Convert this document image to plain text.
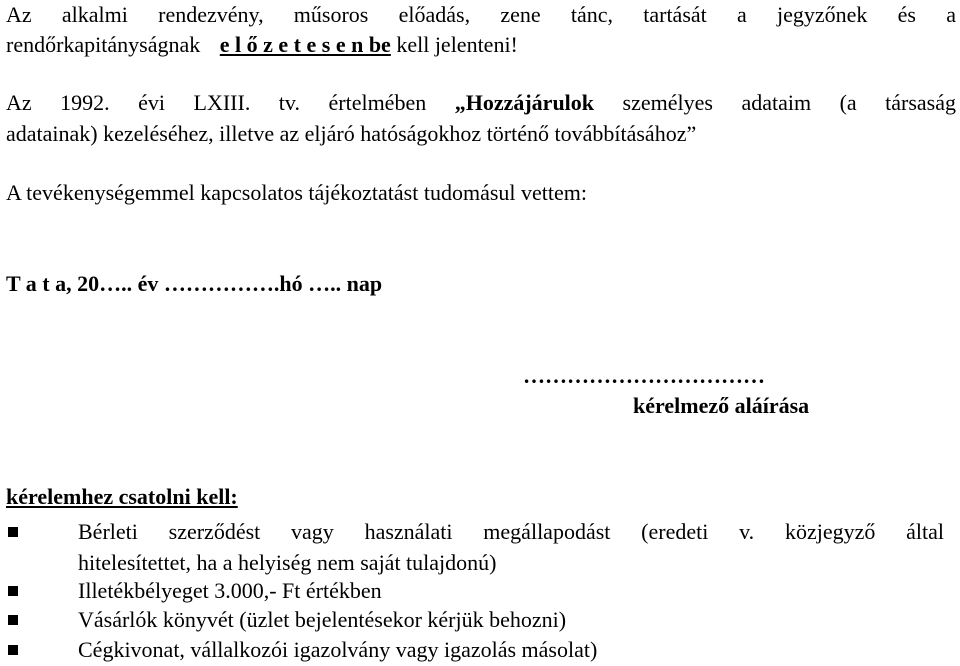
Az alkalmi rendezvény, műsoros előadás, zene tánc, tartását a jegyzőnek és a
rendőrkapitányságnak e l ő z e t e s e n be kell jelenteni!
Az 1992. évi LXIII. tv. értelmében „Hozzájárulok személyes adataim (a társaság
adatainak) kezeléséhez, illetve az eljáró hatóságokhoz történő továbbításához”
A tevékenységemmel kapcsolatos tájékoztatást tudomásul vettem:
T a t a, 20….. év …………….hó ….. nap
……………………………
kérelmező aláírása
kérelemhez csatolni kell:
Bérleti szerződést vagy használati megállapodást (eredeti v. közjegyző által
hitelesítettet, ha a helyiség nem saját tulajdonú)
Illetékbélyeget 3.000,- Ft értékben
Vásárlók könyvét (üzlet bejelentésekor kérjük behozni)
Cégkivonat, vállalkozói igazolvány vagy igazolás másolat)
